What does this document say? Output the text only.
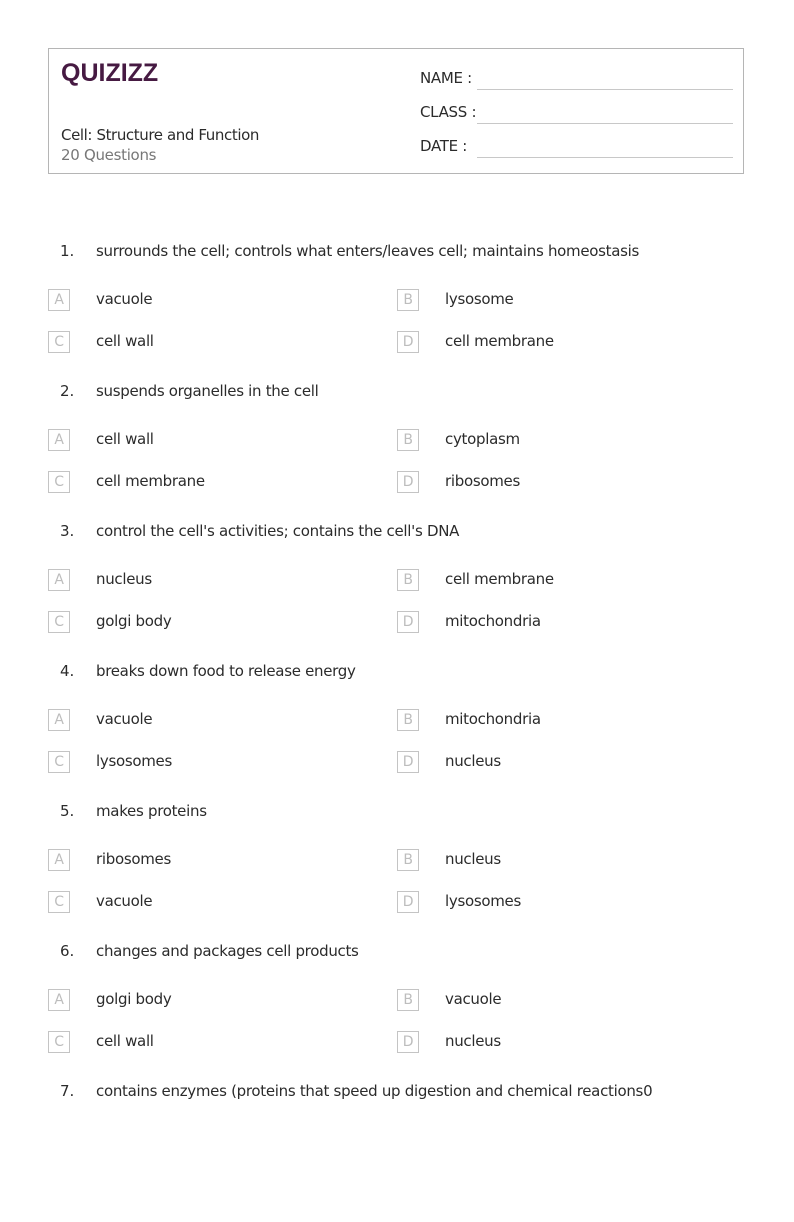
QUIZIZZ
Cell: Structure and Function
20 Questions
NAME :
CLASS :
DATE :
1. surrounds the cell; controls what enters/leaves cell; maintains homeostasis
A	vacuole	B	lysosome
C	cell wall	D	cell membrane
2. suspends organelles in the cell
A	cell wall	B	cytoplasm
C	cell membrane	D	ribosomes
3. control the cell's activities; contains the cell's DNA
A	nucleus	B	cell membrane
C	golgi body	D	mitochondria
4. breaks down food to release energy
A	vacuole	B	mitochondria
C	lysosomes	D	nucleus
5. makes proteins
A	ribosomes	B	nucleus
C	vacuole	D	lysosomes
6. changes and packages cell products
A	golgi body	B	vacuole
C	cell wall	D	nucleus
7. contains enzymes (proteins that speed up digestion and chemical reactions0
